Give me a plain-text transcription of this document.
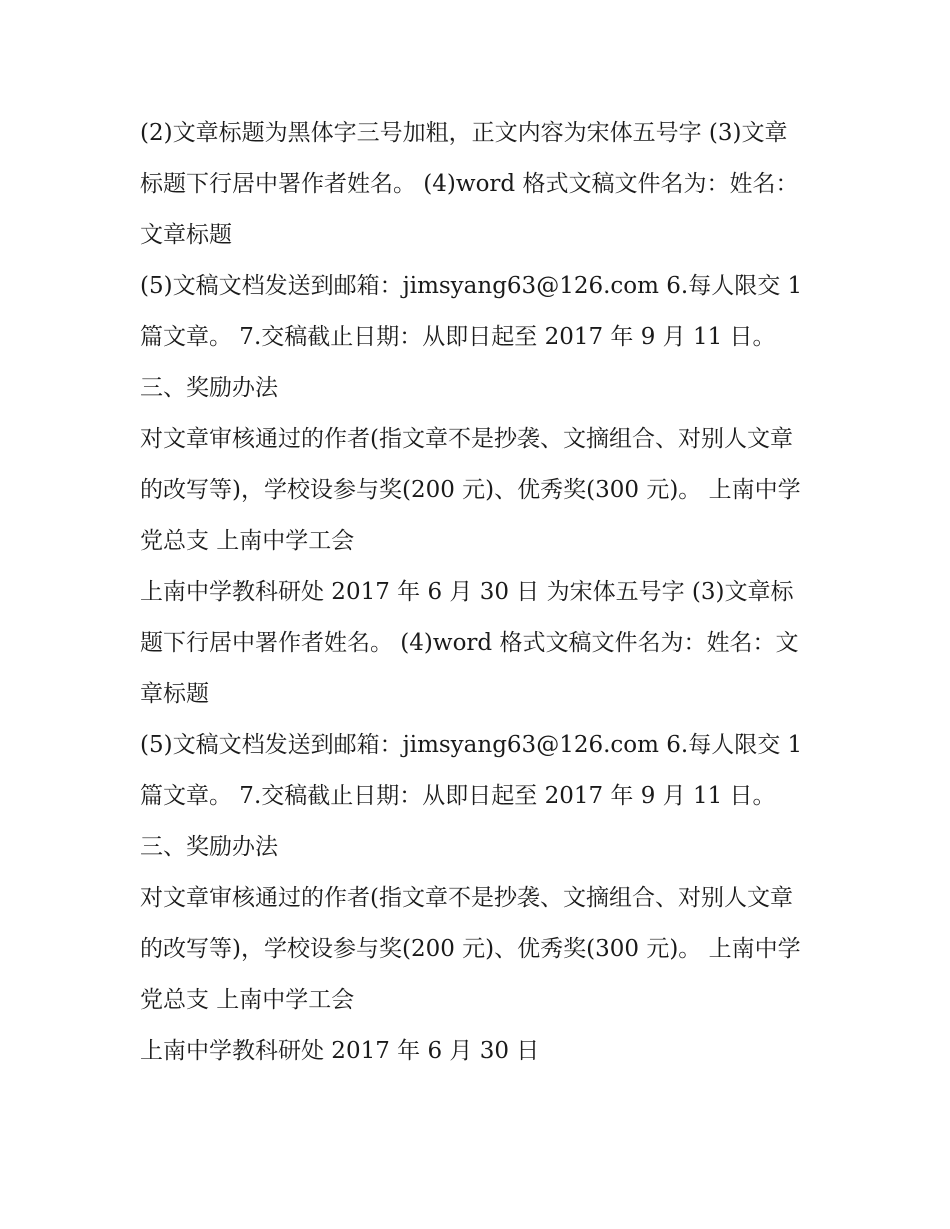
(2)文章标题为黑体字三号加粗，正文内容为宋体五号字 (3)文章标题下行居中署作者姓名。 (4)word 格式文稿文件名为：姓名：文章标题

(5)文稿文档发送到邮箱：jimsyang63@126.com 6.每人限交 1 篇文章。 7.交稿截止日期：从即日起至 2017 年 9 月 11 日。 三、奖励办法

对文章审核通过的作者(指文章不是抄袭、文摘组合、对别人文章的改写等)，学校设参与奖(200 元)、优秀奖(300 元)。 上南中学党总支 上南中学工会

上南中学教科研处 2017 年 6 月 30 日 为宋体五号字 (3)文章标题下行居中署作者姓名。 (4)word 格式文稿文件名为：姓名：文章标题

(5)文稿文档发送到邮箱：jimsyang63@126.com 6.每人限交 1 篇文章。 7.交稿截止日期：从即日起至 2017 年 9 月 11 日。 三、奖励办法

对文章审核通过的作者(指文章不是抄袭、文摘组合、对别人文章的改写等)，学校设参与奖(200 元)、优秀奖(300 元)。 上南中学党总支 上南中学工会

上南中学教科研处 2017 年 6 月 30 日
